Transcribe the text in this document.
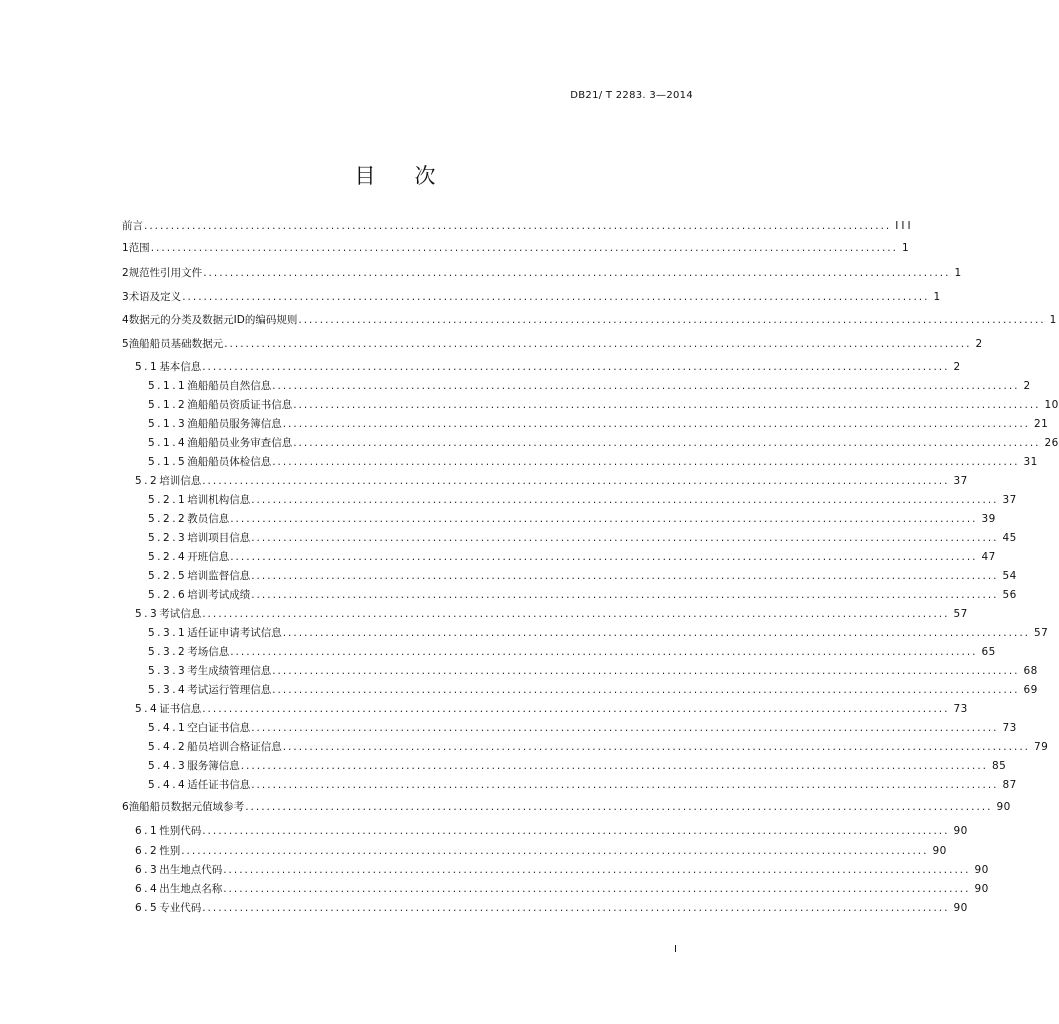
DB21/ T 2283. 3—2014
目 次
前言 ............................................................................................................................................ III
1 范围 ............................................................................................................................................ 1
2 规范性引用文件 ............................................................................................................................................ 1
3 术语及定义 ............................................................................................................................................ 1
4 数据元的分类及数据元ID的编码规则 ............................................................................................................................................ 1
5 渔船船员基础数据元 ............................................................................................................................................ 2
5.1 基本信息 ............................................................................................................................................ 2
5.1.1 渔船船员自然信息 ............................................................................................................................................ 2
5.1.2 渔船船员资质证书信息 ............................................................................................................................................ 10
5.1.3 渔船船员服务簿信息 ............................................................................................................................................ 21
5.1.4 渔船船员业务审查信息 ............................................................................................................................................ 26
5.1.5 渔船船员体检信息 ............................................................................................................................................ 31
5.2 培训信息 ............................................................................................................................................ 37
5.2.1 培训机构信息 ............................................................................................................................................ 37
5.2.2 教员信息 ............................................................................................................................................ 39
5.2.3 培训项目信息 ............................................................................................................................................ 45
5.2.4 开班信息 ............................................................................................................................................ 47
5.2.5 培训监督信息 ............................................................................................................................................ 54
5.2.6 培训考试成绩 ............................................................................................................................................ 56
5.3 考试信息 ............................................................................................................................................ 57
5.3.1 适任证申请考试信息 ............................................................................................................................................ 57
5.3.2 考场信息 ............................................................................................................................................ 65
5.3.3 考生成绩管理信息 ............................................................................................................................................ 68
5.3.4 考试运行管理信息 ............................................................................................................................................ 69
5.4 证书信息 ............................................................................................................................................ 73
5.4.1 空白证书信息 ............................................................................................................................................ 73
5.4.2 船员培训合格证信息 ............................................................................................................................................ 79
5.4.3 服务簿信息 ............................................................................................................................................ 85
5.4.4 适任证书信息 ............................................................................................................................................ 87
6 渔船船员数据元值域参考 ............................................................................................................................................ 90
6.1 性别代码 ............................................................................................................................................ 90
6.2 性别 ............................................................................................................................................ 90
6.3 出生地点代码 ............................................................................................................................................ 90
6.4 出生地点名称 ............................................................................................................................................ 90
6.5 专业代码 ............................................................................................................................................ 90
I
